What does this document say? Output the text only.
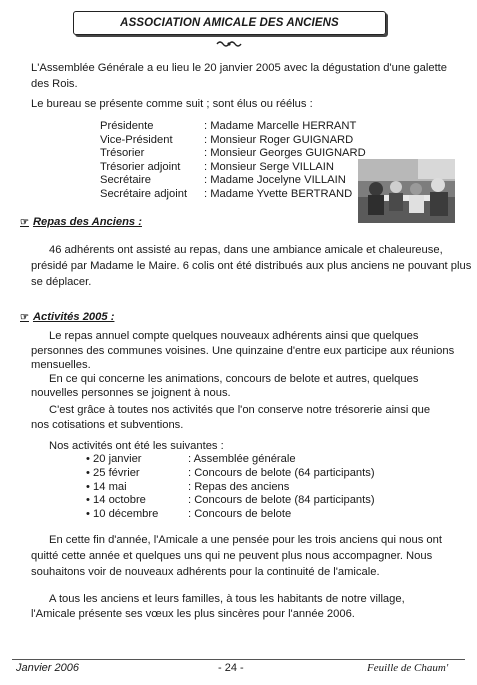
ASSOCIATION AMICALE DES ANCIENS

L'Assemblée Générale a eu lieu le 20 janvier 2005 avec la dégustation d'une galette

des Rois.

Le bureau se présente comme suit ; sont élus ou réélus :

Présidente	: Madame Marcelle HERRANT
Vice-Président	: Monsieur Roger GUIGNARD
Trésorier	: Monsieur Georges GUIGNARD
Trésorier adjoint	: Monsieur Serge VILLAIN
Secrétaire	: Madame Jocelyne VILLAIN
Secrétaire adjoint	: Madame Yvette BERTRAND
☞ Repas des Anciens :

46 adhérents ont assisté au repas, dans une ambiance amicale et chaleureuse,

présidé par Madame le Maire. 6 colis ont été distribués aux plus anciens ne pouvant plus

se déplacer.

☞ Activités 2005 :

Le repas annuel compte quelques nouveaux adhérents ainsi que quelques

personnes des communes voisines. Une quinzaine d'entre eux participe aux réunions

mensuelles.

En ce qui concerne les animations, concours de belote et autres, quelques

nouvelles personnes se joignent à nous.

C'est grâce à toutes nos activités que l'on conserve notre trésorerie ainsi que

nos cotisations et subventions.

Nos activités ont été les suivantes :

• 20 janvier	: Assemblée générale
• 25 février	: Concours de belote (64 participants)
• 14 mai	: Repas des anciens
• 14 octobre	: Concours de belote (84 participants)
• 10 décembre	: Concours de belote

En cette fin d'année, l'Amicale a une pensée pour les trois anciens qui nous ont

quitté cette année et quelques uns qui ne peuvent plus nous accompagner. Nous

souhaitons voir de nouveaux adhérents pour la continuité de l'amicale.

A tous les anciens et leurs familles, à tous les habitants de notre village,

l'Amicale présente ses vœux les plus sincères pour l'année 2006.

Janvier 2006	- 24 -	Feuille de Chaum'
